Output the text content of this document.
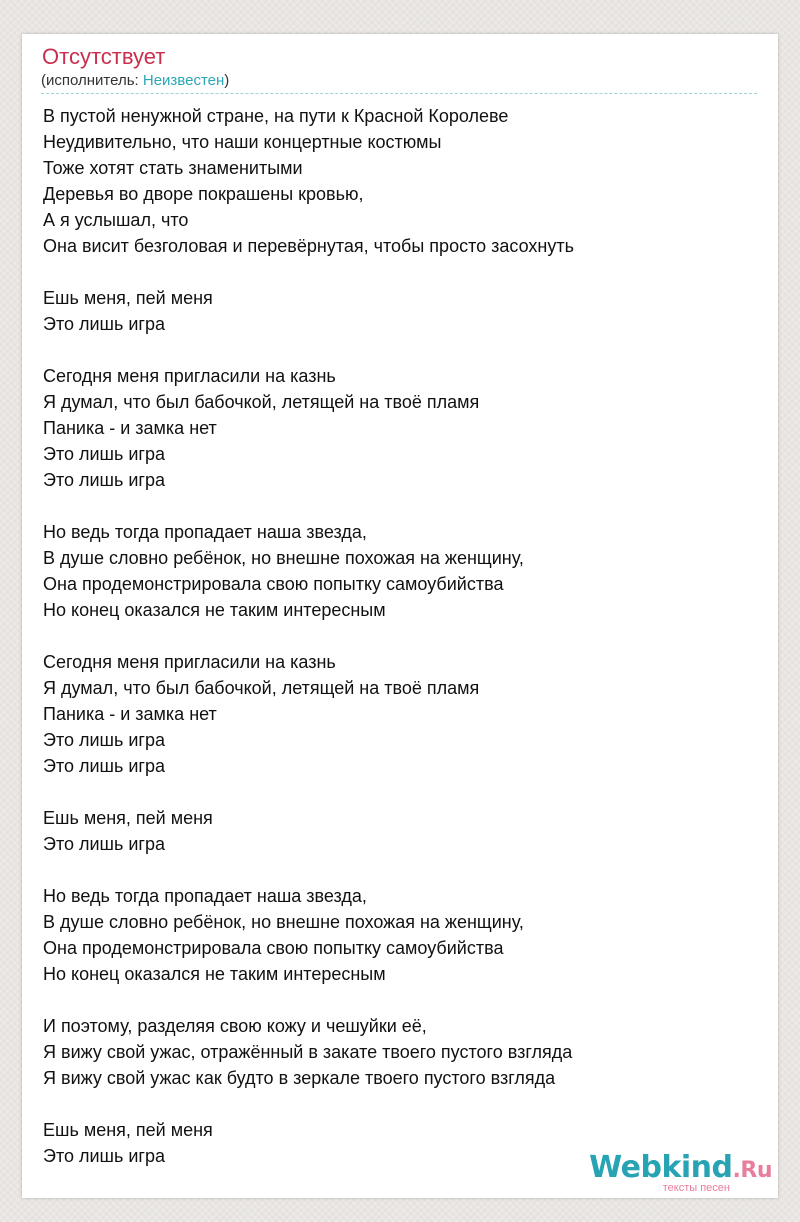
Отсутствует
(исполнитель: Неизвестен)
В пустой ненужной стране, на пути к Красной Королеве
Неудивительно, что наши концертные костюмы
Тоже хотят стать знаменитыми
Деревья во дворе покрашены кровью,
А я услышал, что
Она висит безголовая и перевёрнутая, чтобы просто засохнуть
Ешь меня, пей меня
Это лишь игра
Сегодня меня пригласили на казнь
Я думал, что был бабочкой, летящей на твоё пламя
Паника - и замка нет
Это лишь игра
Это лишь игра
Но ведь тогда пропадает наша звезда,
В душе словно ребёнок, но внешне похожая на женщину,
Она продемонстрировала свою попытку самоубийства
Но конец оказался не таким интересным
Сегодня меня пригласили на казнь
Я думал, что был бабочкой, летящей на твоё пламя
Паника - и замка нет
Это лишь игра
Это лишь игра
Ешь меня, пей меня
Это лишь игра
Но ведь тогда пропадает наша звезда,
В душе словно ребёнок, но внешне похожая на женщину,
Она продемонстрировала свою попытку самоубийства
Но конец оказался не таким интересным
И поэтому, разделяя свою кожу и чешуйки её,
Я вижу свой ужас, отражённый в закате твоего пустого взгляда
Я вижу свой ужас как будто в зеркале твоего пустого взгляда
Ешь меня, пей меня
Это лишь игра	Webkind.Ru
тексты песен
